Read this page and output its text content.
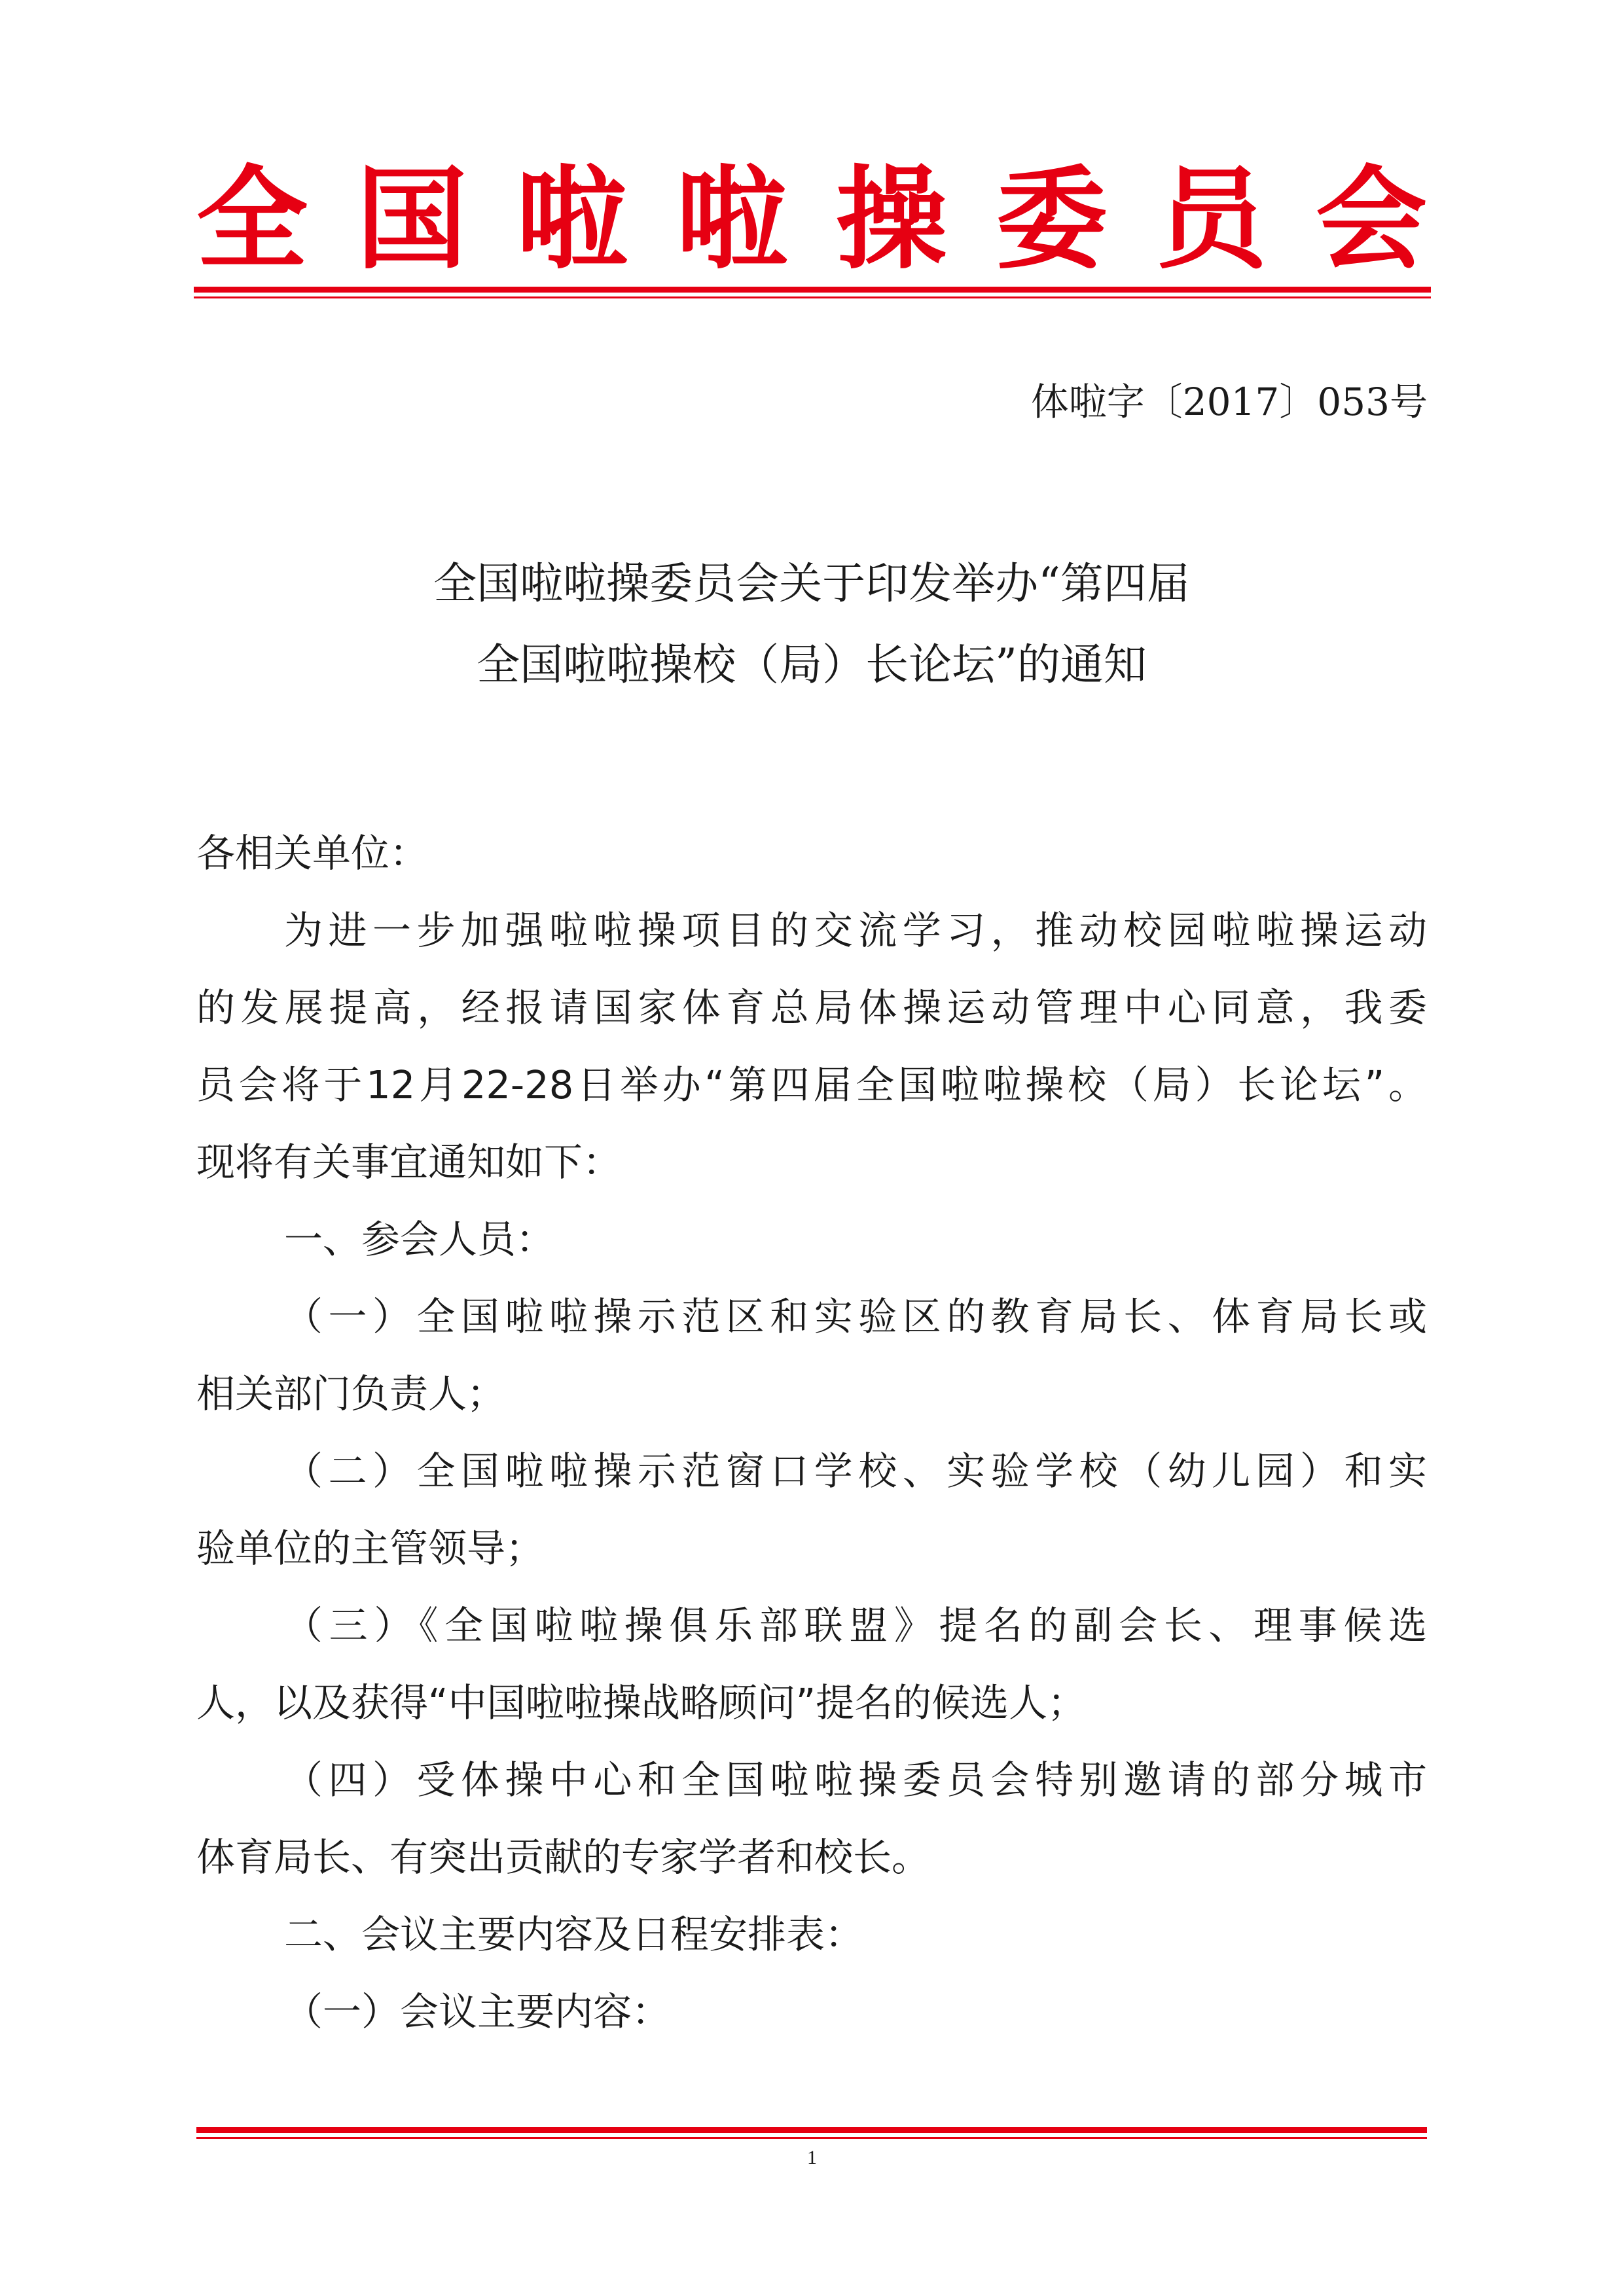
全 国 啦 啦 操 委 员 会
体啦字〔2017〕053号
全国啦啦操委员会关于印发举办“第四届
全国啦啦操校（局）长论坛”的通知
各相关单位：
为进一步加强啦啦操项目的交流学习，推动校园啦啦操运动
的发展提高，经报请国家体育总局体操运动管理中心同意，我委
员会将于12月22-28日举办“第四届全国啦啦操校（局）长论坛”。
现将有关事宜通知如下：
一、参会人员：
（一）全国啦啦操示范区和实验区的教育局长、体育局长或
相关部门负责人；
（二）全国啦啦操示范窗口学校、实验学校（幼儿园）和实
验单位的主管领导；
（三）《全国啦啦操俱乐部联盟》提名的副会长、理事候选
人，以及获得“中国啦啦操战略顾问”提名的候选人；
（四）受体操中心和全国啦啦操委员会特别邀请的部分城市
体育局长、有突出贡献的专家学者和校长。
二、会议主要内容及日程安排表：
（一）会议主要内容：
1
